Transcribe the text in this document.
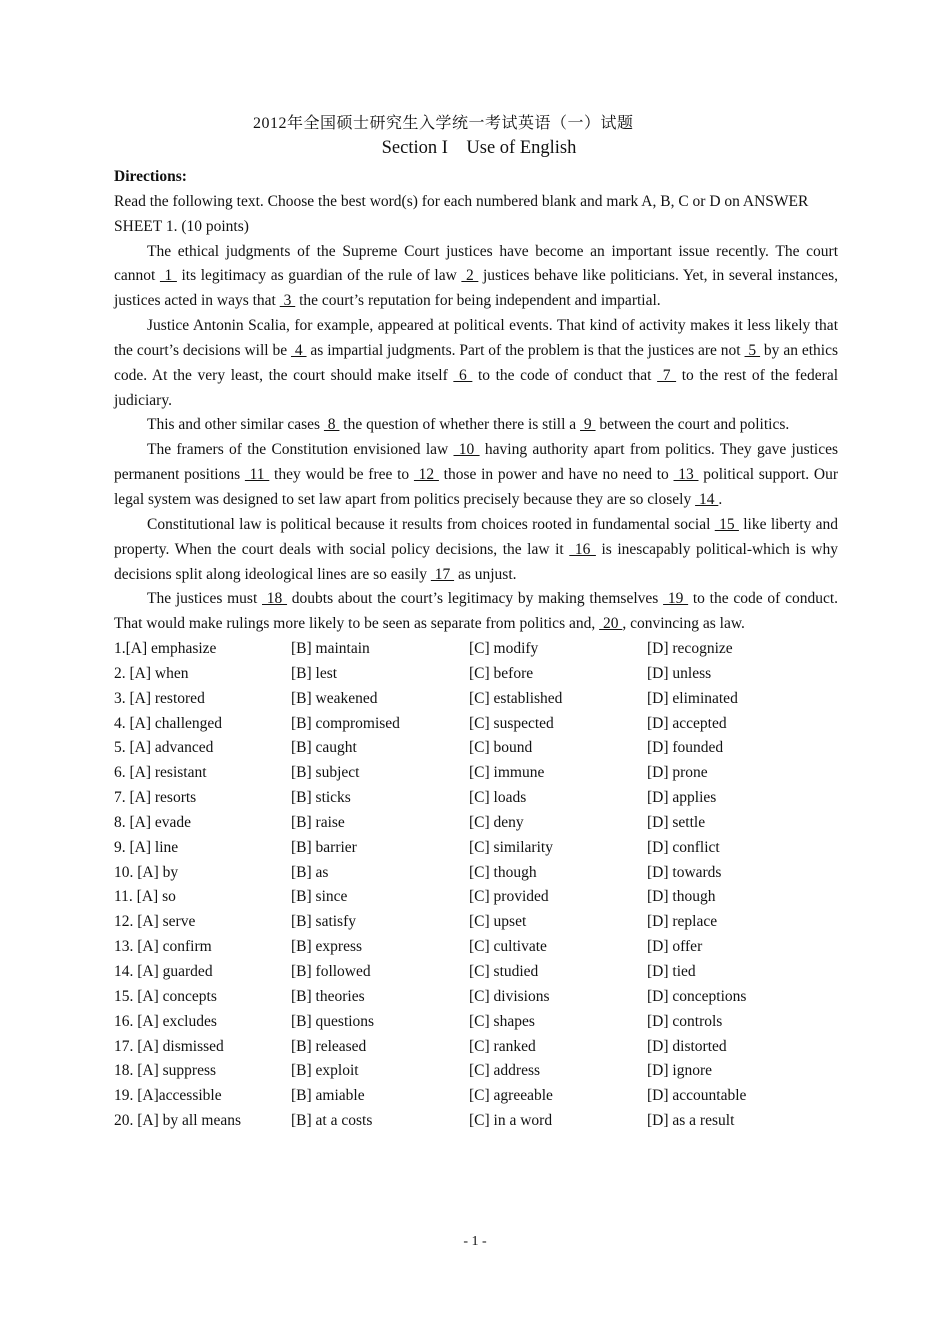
2012年全国硕士研究生入学统一考试英语（一）试题
Section I    Use of English

Directions:

Read the following text. Choose the best word(s) for each numbered blank and mark A, B, C or D on ANSWER SHEET 1. (10 points)

The ethical judgments of the Supreme Court justices have become an important issue recently. The court cannot  1  its legitimacy as guardian of the rule of law  2  justices behave like politicians. Yet, in several instances, justices acted in ways that  3  the court’s reputation for being independent and impartial.

Justice Antonin Scalia, for example, appeared at political events. That kind of activity makes it less likely that the court’s decisions will be  4  as impartial judgments. Part of the problem is that the justices are not  5  by an ethics code. At the very least, the court should make itself  6  to the code of conduct that  7  to the rest of the federal judiciary.

This and other similar cases  8  the question of whether there is still a  9  between the court and politics.

The framers of the Constitution envisioned law  10  having authority apart from politics. They gave justices permanent positions  11  they would be free to  12  those in power and have no need to  13  political support. Our legal system was designed to set law apart from politics precisely because they are so closely  14 .

Constitutional law is political because it results from choices rooted in fundamental social  15  like liberty and property. When the court deals with social policy decisions, the law it  16  is inescapably political-which is why decisions split along ideological lines are so easily  17  as unjust.

The justices must  18  doubts about the court’s legitimacy by making themselves  19  to the code of conduct. That would make rulings more likely to be seen as separate from politics and,  20 , convincing as law.

1.[A] emphasize	[B] maintain	[C] modify	[D] recognize
2. [A] when	[B] lest	[C] before	[D] unless
3. [A] restored	[B] weakened	[C] established	[D] eliminated
4. [A] challenged	[B] compromised	[C] suspected	[D] accepted
5. [A] advanced	[B] caught	[C] bound	[D] founded
6. [A] resistant	[B] subject	[C] immune	[D] prone
7. [A] resorts	[B] sticks	[C] loads	[D] applies
8. [A] evade	[B] raise	[C] deny	[D] settle
9. [A] line	[B] barrier	[C] similarity	[D] conflict
10. [A] by	[B] as	[C] though	[D] towards
11. [A] so	[B] since	[C] provided	[D] though
12. [A] serve	[B] satisfy	[C] upset	[D] replace
13. [A] confirm	[B] express	[C] cultivate	[D] offer
14. [A] guarded	[B] followed	[C] studied	[D] tied
15. [A] concepts	[B] theories	[C] divisions	[D] conceptions
16. [A] excludes	[B] questions	[C] shapes	[D] controls
17. [A] dismissed	[B] released	[C] ranked	[D] distorted
18. [A] suppress	[B] exploit	[C] address	[D] ignore
19. [A]accessible	[B] amiable	[C] agreeable	[D] accountable
20. [A] by all means	[B] at a costs	[C] in a word	[D] as a result
- 1 -
